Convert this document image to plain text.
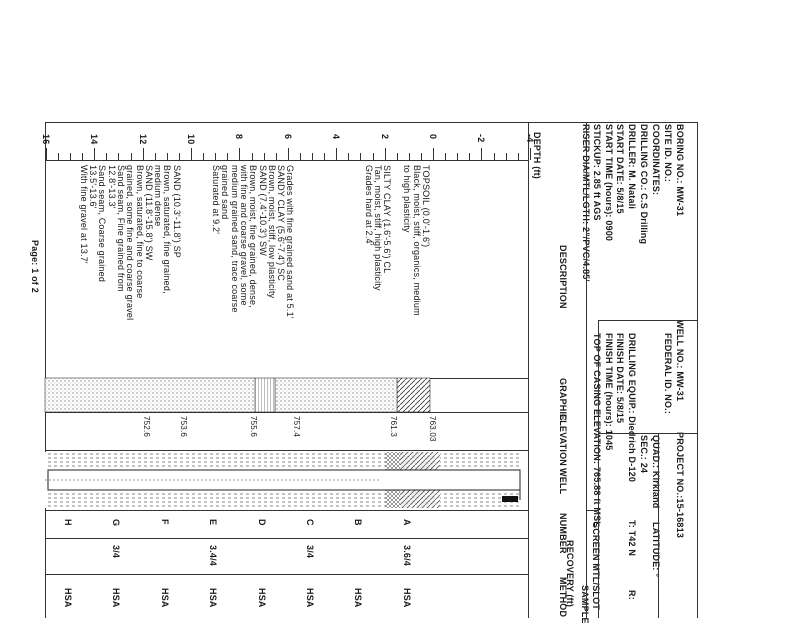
BORING NO.: MW-31
SITE ID. NO.:
COORDINATES:
DRILLING CO.: C.S Drilling
DRILLER: M. Natali
START DATE: 5/8/15
START TIME (hours): 0900
STICKUP: 2.85 ft AGS
RISER DIA/MTL/LGTH: 2"/PVC/4.85'
WELL NO.: MW-31
FEDERAL ID. NO.:
DRILLING EQUIP.: Diedrich D-120
FINISH DATE: 5/8/15
FINISH TIME (hours): 1045
TOP OF CASING ELEVATION: 765.88 ft MSL	PROJECT NO.:15-16813
QUAD.: Kirkland
SEC.: 24
T: T42 N
R:
LATITUDE: °
SCREEN MTL/SLOT
SAMPLE
DEPTH (ft)
DESCRIPTION
GRAPHIC
ELEVATION
WELL
NUMBER
RECOVERY (ft)
METHOD
-4
-2
0
2
4
6
8
10
12
14
16
TOPSOIL (0.0'-1.6')
Black, moist, stiff, organics, medium
to high plasticity
SILTY CLAY (1.6'-5.6') CL
Tan, moist, stiff, high plasticity
Grades hard at 2.4'
Grades with fine grained sand at 5.1'
SANDY CLAY (5.6'-7.4') SC
Brown, moist, stiff, low plasticity
SAND (7.4'-10.3') SW
Brown, moist, fine grained, dense,
with fine and coarse gravel, some
medium grained sand, trace coarse
grained sand
Saturated at 9.2'
SAND (10.3'-11.8') SP
Brown, saturated, fine grained,
medium dense
SAND (11.8'-15.8') SW
Brown, saturated, fine to coarse
grained, some fine and coarse gravel
Sand seam, Fine grained from
12.8'-13.3'
Sand seam, Coarse grained
13.5'-13.6'
With fine gravel at 13.7'
763.03
761.3
757.4
755.6
753.6
752.6
A
3.6/4
HSA
B
HSA
C
3/4
HSA
D
HSA
E
3.4/4
HSA
F
HSA
G
3/4
HSA
H
HSA
Page: 1 of 2
